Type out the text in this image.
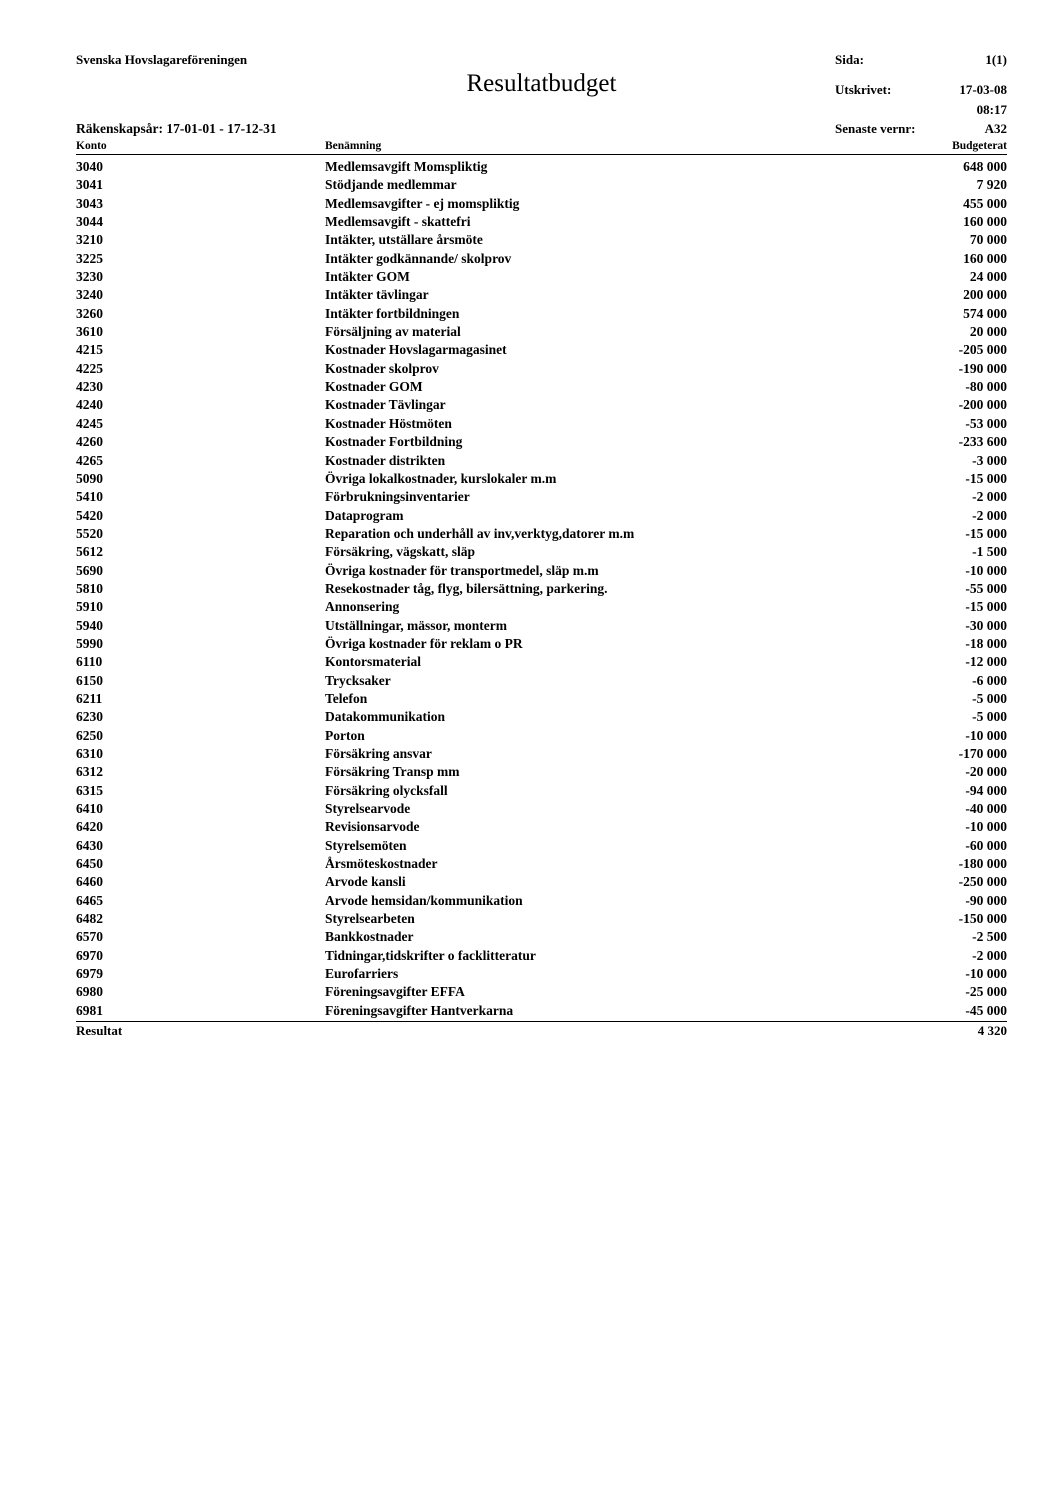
Svenska Hovslagareföreningen
Resultatbudget
Sida:	1(1)
Utskrivet:	17-03-08
08:17
Räkenskapsår: 17-01-01 - 17-12-31	Senaste vernr:	A32
Konto	Benämning	Budgeterat
3040	Medlemsavgift Momspliktig	648 000
3041	Stödjande medlemmar	7 920
3043	Medlemsavgifter - ej momspliktig	455 000
3044	Medlemsavgift - skattefri	160 000
3210	Intäkter, utställare årsmöte	70 000
3225	Intäkter godkännande/ skolprov	160 000
3230	Intäkter GOM	24 000
3240	Intäkter tävlingar	200 000
3260	Intäkter fortbildningen	574 000
3610	Försäljning av material	20 000
4215	Kostnader Hovslagarmagasinet	-205 000
4225	Kostnader skolprov	-190 000
4230	Kostnader GOM	-80 000
4240	Kostnader Tävlingar	-200 000
4245	Kostnader Höstmöten	-53 000
4260	Kostnader Fortbildning	-233 600
4265	Kostnader distrikten	-3 000
5090	Övriga lokalkostnader, kurslokaler m.m	-15 000
5410	Förbrukningsinventarier	-2 000
5420	Dataprogram	-2 000
5520	Reparation och underhåll av inv,verktyg,datorer m.m	-15 000
5612	Försäkring, vägskatt, släp	-1 500
5690	Övriga kostnader för transportmedel, släp m.m	-10 000
5810	Resekostnader tåg, flyg, bilersättning, parkering.	-55 000
5910	Annonsering	-15 000
5940	Utställningar, mässor, monterm	-30 000
5990	Övriga kostnader för reklam o PR	-18 000
6110	Kontorsmaterial	-12 000
6150	Trycksaker	-6 000
6211	Telefon	-5 000
6230	Datakommunikation	-5 000
6250	Porton	-10 000
6310	Försäkring ansvar	-170 000
6312	Försäkring Transp mm	-20 000
6315	Försäkring olycksfall	-94 000
6410	Styrelsearvode	-40 000
6420	Revisionsarvode	-10 000
6430	Styrelsemöten	-60 000
6450	Årsmöteskostnader	-180 000
6460	Arvode kansli	-250 000
6465	Arvode hemsidan/kommunikation	-90 000
6482	Styrelsearbeten	-150 000
6570	Bankkostnader	-2 500
6970	Tidningar,tidskrifter o facklitteratur	-2 000
6979	Eurofarriers	-10 000
6980	Föreningsavgifter EFFA	-25 000
6981	Föreningsavgifter Hantverkarna	-45 000
Resultat	4 320
